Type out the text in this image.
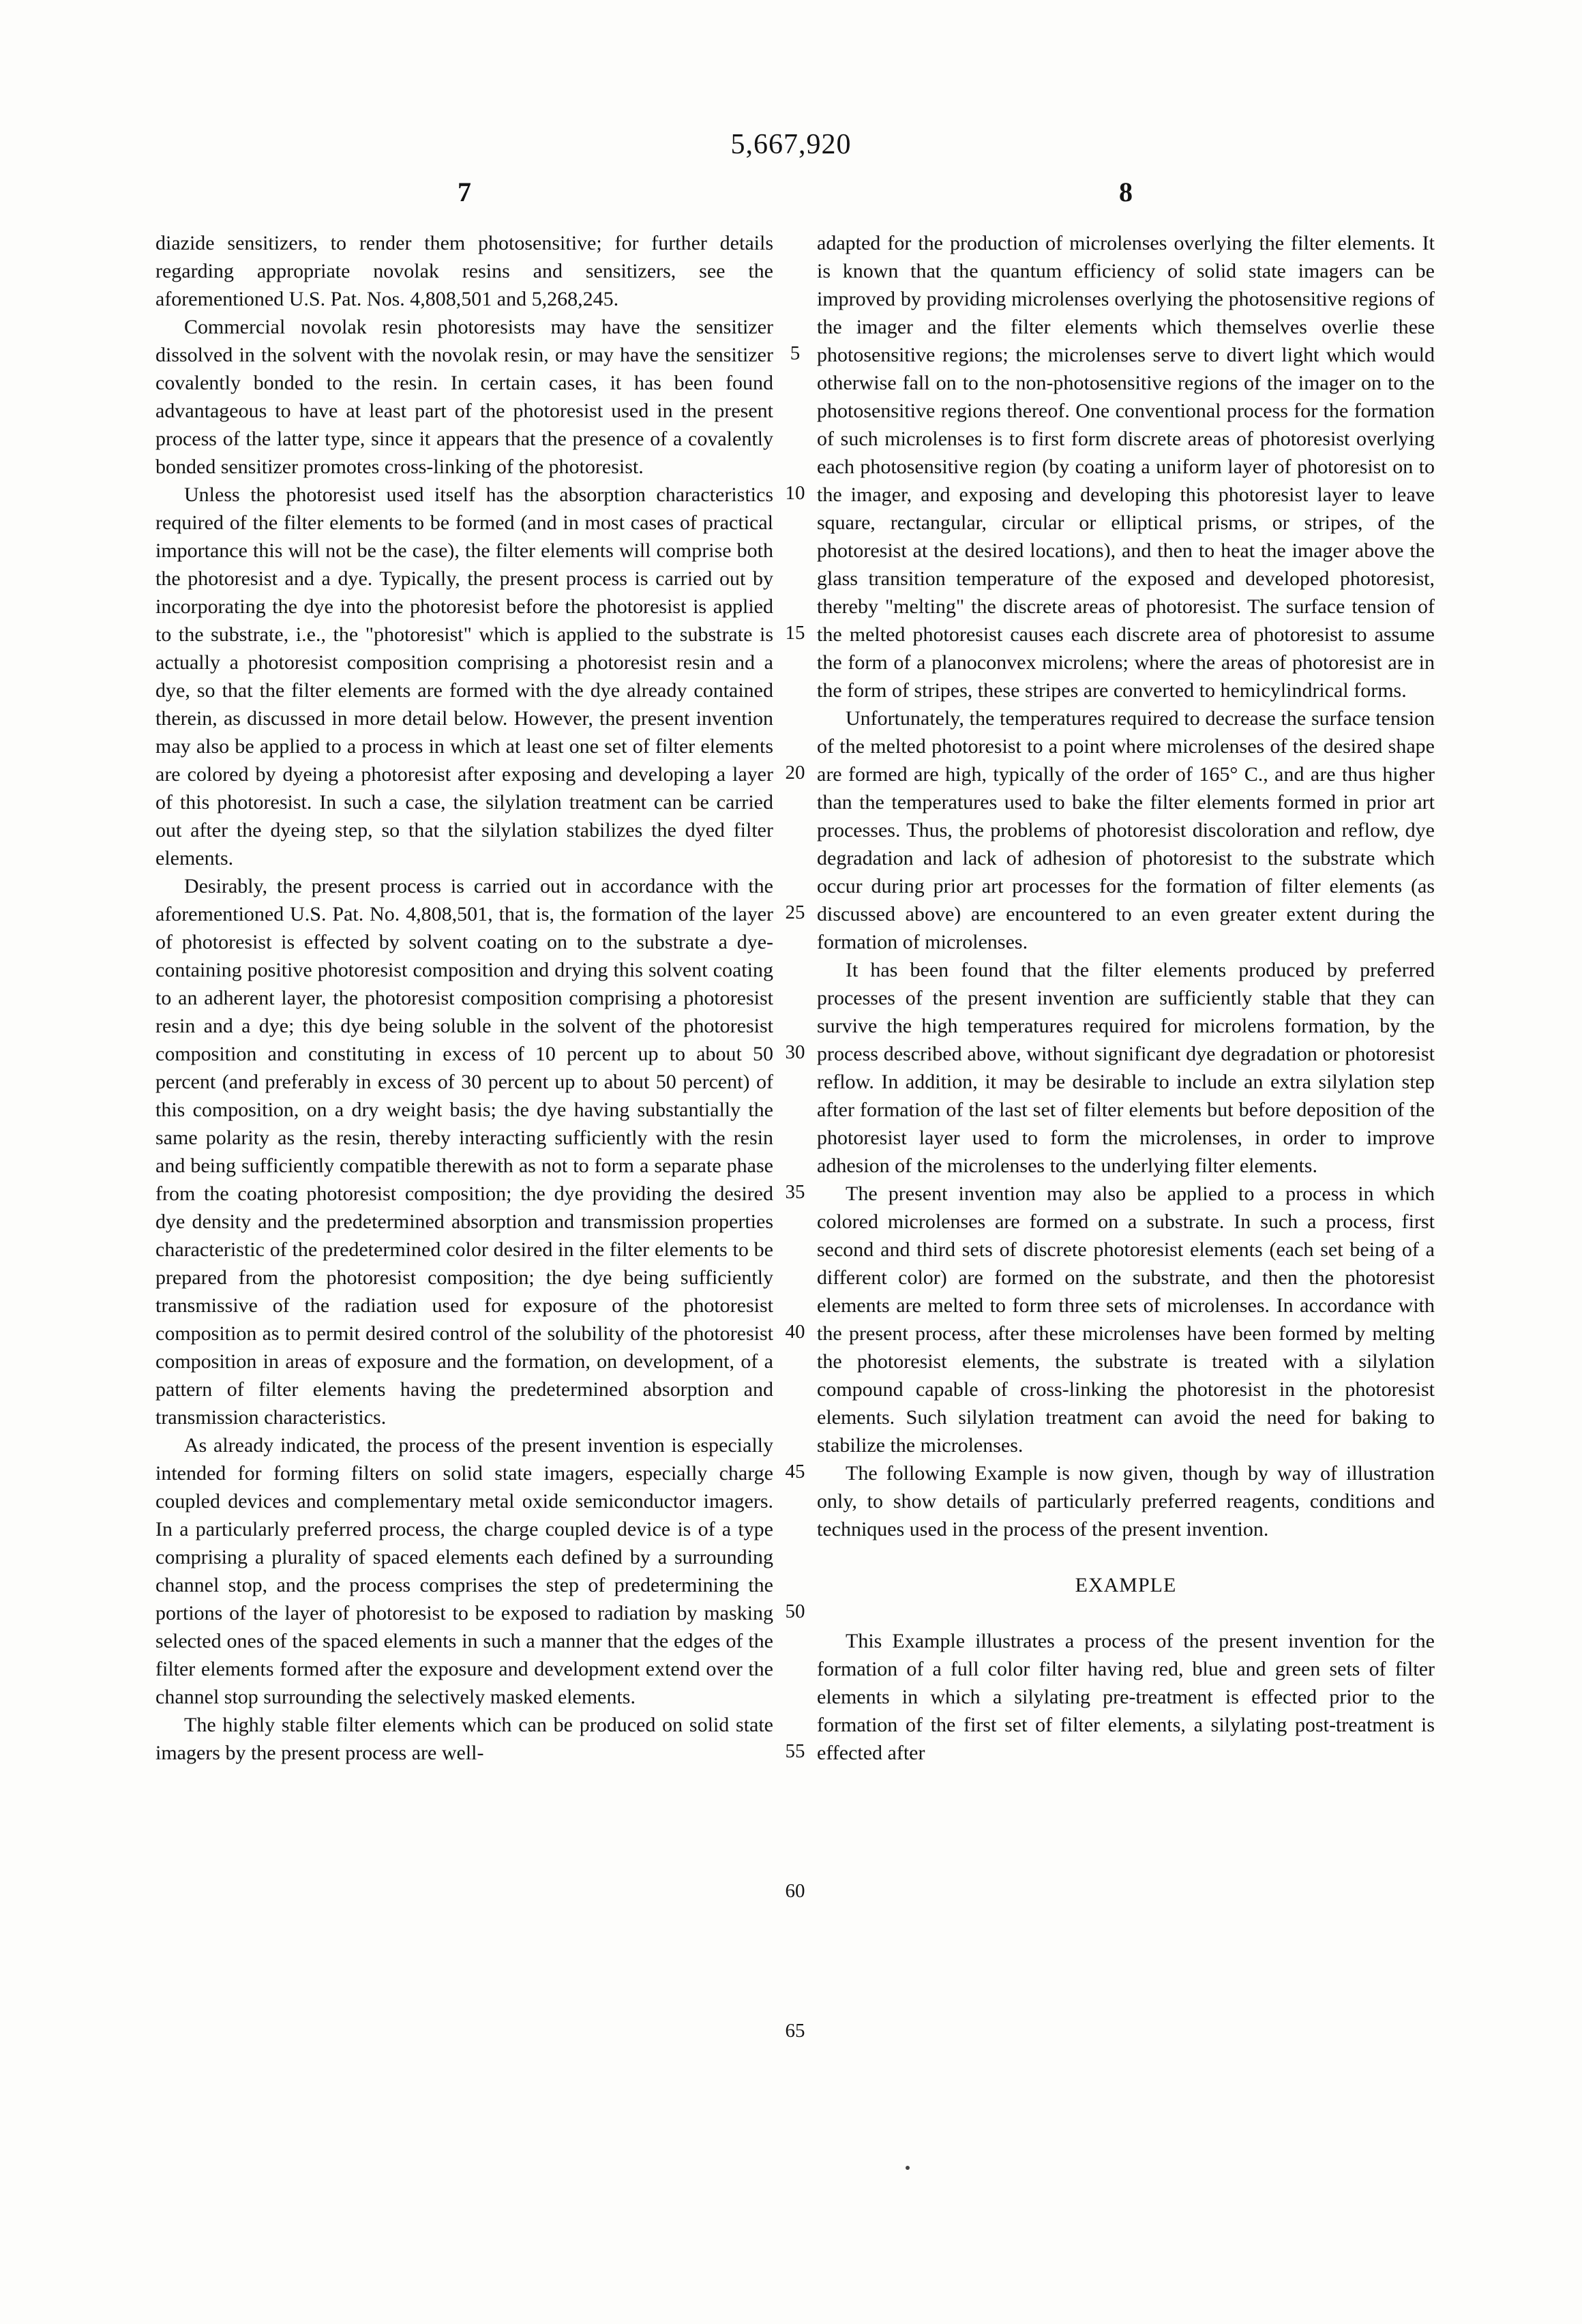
5,667,920
7	8

diazide sensitizers, to render them photosensitive; for further details regarding appropriate novolak resins and sensitizers, see the aforementioned U.S. Pat. Nos. 4,808,501 and 5,268,245.

Commercial novolak resin photoresists may have the sensitizer dissolved in the solvent with the novolak resin, or may have the sensitizer covalently bonded to the resin. In certain cases, it has been found advantageous to have at least part of the photoresist used in the present process of the latter type, since it appears that the presence of a covalently bonded sensitizer promotes cross-linking of the photoresist.

Unless the photoresist used itself has the absorption characteristics required of the filter elements to be formed (and in most cases of practical importance this will not be the case), the filter elements will comprise both the photoresist and a dye. Typically, the present process is carried out by incorporating the dye into the photoresist before the photoresist is applied to the substrate, i.e., the "photoresist" which is applied to the substrate is actually a photoresist composition comprising a photoresist resin and a dye, so that the filter elements are formed with the dye already contained therein, as discussed in more detail below. However, the present invention may also be applied to a process in which at least one set of filter elements are colored by dyeing a photoresist after exposing and developing a layer of this photoresist. In such a case, the silylation treatment can be carried out after the dyeing step, so that the silylation stabilizes the dyed filter elements.

Desirably, the present process is carried out in accordance with the aforementioned U.S. Pat. No. 4,808,501, that is, the formation of the layer of photoresist is effected by solvent coating on to the substrate a dye-containing positive photoresist composition and drying this solvent coating to an adherent layer, the photoresist composition comprising a photoresist resin and a dye; this dye being soluble in the solvent of the photoresist composition and constituting in excess of 10 percent up to about 50 percent (and preferably in excess of 30 percent up to about 50 percent) of this composition, on a dry weight basis; the dye having substantially the same polarity as the resin, thereby interacting sufficiently with the resin and being sufficiently compatible therewith as not to form a separate phase from the coating photoresist composition; the dye providing the desired dye density and the predetermined absorption and transmission properties characteristic of the predetermined color desired in the filter elements to be prepared from the photoresist composition; the dye being sufficiently transmissive of the radiation used for exposure of the photoresist composition as to permit desired control of the solubility of the photoresist composition in areas of exposure and the formation, on development, of a pattern of filter elements having the predetermined absorption and transmission characteristics.

As already indicated, the process of the present invention is especially intended for forming filters on solid state imagers, especially charge coupled devices and complementary metal oxide semiconductor imagers. In a particularly preferred process, the charge coupled device is of a type comprising a plurality of spaced elements each defined by a surrounding channel stop, and the process comprises the step of predetermining the portions of the layer of photoresist to be exposed to radiation by masking selected ones of the spaced elements in such a manner that the edges of the filter elements formed after the exposure and development extend over the channel stop surrounding the selectively masked elements.

The highly stable filter elements which can be produced on solid state imagers by the present process are well-

adapted for the production of microlenses overlying the filter elements. It is known that the quantum efficiency of solid state imagers can be improved by providing microlenses overlying the photosensitive regions of the imager and the filter elements which themselves overlie these photosensitive regions; the microlenses serve to divert light which would otherwise fall on to the non-photosensitive regions of the imager on to the photosensitive regions thereof. One conventional process for the formation of such microlenses is to first form discrete areas of photoresist overlying each photosensitive region (by coating a uniform layer of photoresist on to the imager, and exposing and developing this photoresist layer to leave square, rectangular, circular or elliptical prisms, or stripes, of the photoresist at the desired locations), and then to heat the imager above the glass transition temperature of the exposed and developed photoresist, thereby "melting" the discrete areas of photoresist. The surface tension of the melted photoresist causes each discrete area of photoresist to assume the form of a planoconvex microlens; where the areas of photoresist are in the form of stripes, these stripes are converted to hemicylindrical forms.

Unfortunately, the temperatures required to decrease the surface tension of the melted photoresist to a point where microlenses of the desired shape are formed are high, typically of the order of 165° C., and are thus higher than the temperatures used to bake the filter elements formed in prior art processes. Thus, the problems of photoresist discoloration and reflow, dye degradation and lack of adhesion of photoresist to the substrate which occur during prior art processes for the formation of filter elements (as discussed above) are encountered to an even greater extent during the formation of microlenses.

It has been found that the filter elements produced by preferred processes of the present invention are sufficiently stable that they can survive the high temperatures required for microlens formation, by the process described above, without significant dye degradation or photoresist reflow. In addition, it may be desirable to include an extra silylation step after formation of the last set of filter elements but before deposition of the photoresist layer used to form the microlenses, in order to improve adhesion of the microlenses to the underlying filter elements.

The present invention may also be applied to a process in which colored microlenses are formed on a substrate. In such a process, first second and third sets of discrete photoresist elements (each set being of a different color) are formed on the substrate, and then the photoresist elements are melted to form three sets of microlenses. In accordance with the present process, after these microlenses have been formed by melting the photoresist elements, the substrate is treated with a silylation compound capable of cross-linking the photoresist in the photoresist elements. Such silylation treatment can avoid the need for baking to stabilize the microlenses.

The following Example is now given, though by way of illustration only, to show details of particularly preferred reagents, conditions and techniques used in the process of the present invention.

EXAMPLE

This Example illustrates a process of the present invention for the formation of a full color filter having red, blue and green sets of filter elements in which a silylating pre-treatment is effected prior to the formation of the first set of filter elements, a silylating post-treatment is effected after

5
10
15
20
25
30
35
40
45
50
55
60
65
